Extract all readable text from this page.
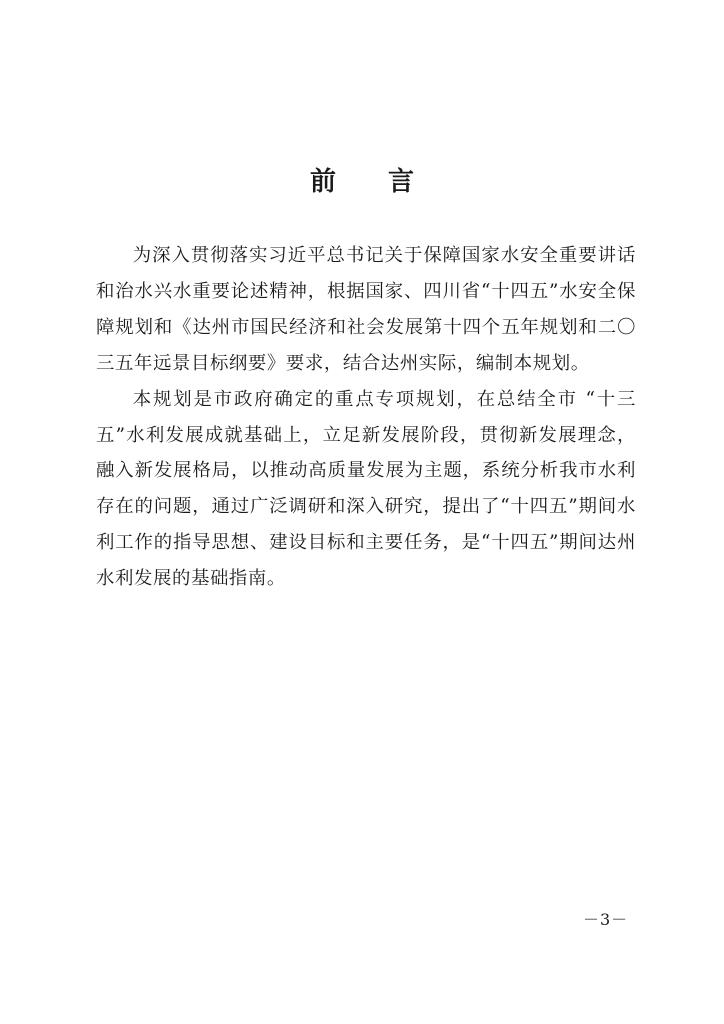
前 言

为深入贯彻落实习近平总书记关于保障国家水安全重要讲话和治水兴水重要论述精神，根据国家、四川省“十四五”水安全保障规划和《达州市国民经济和社会发展第十四个五年规划和二〇三五年远景目标纲要》要求，结合达州实际，编制本规划。

本规划是市政府确定的重点专项规划，在总结全市 “十三五”水利发展成就基础上，立足新发展阶段，贯彻新发展理念，融入新发展格局，以推动高质量发展为主题，系统分析我市水利存在的问题，通过广泛调研和深入研究，提出了“十四五”期间水利工作的指导思想、建设目标和主要任务，是“十四五”期间达州水利发展的基础指南。

－3－
